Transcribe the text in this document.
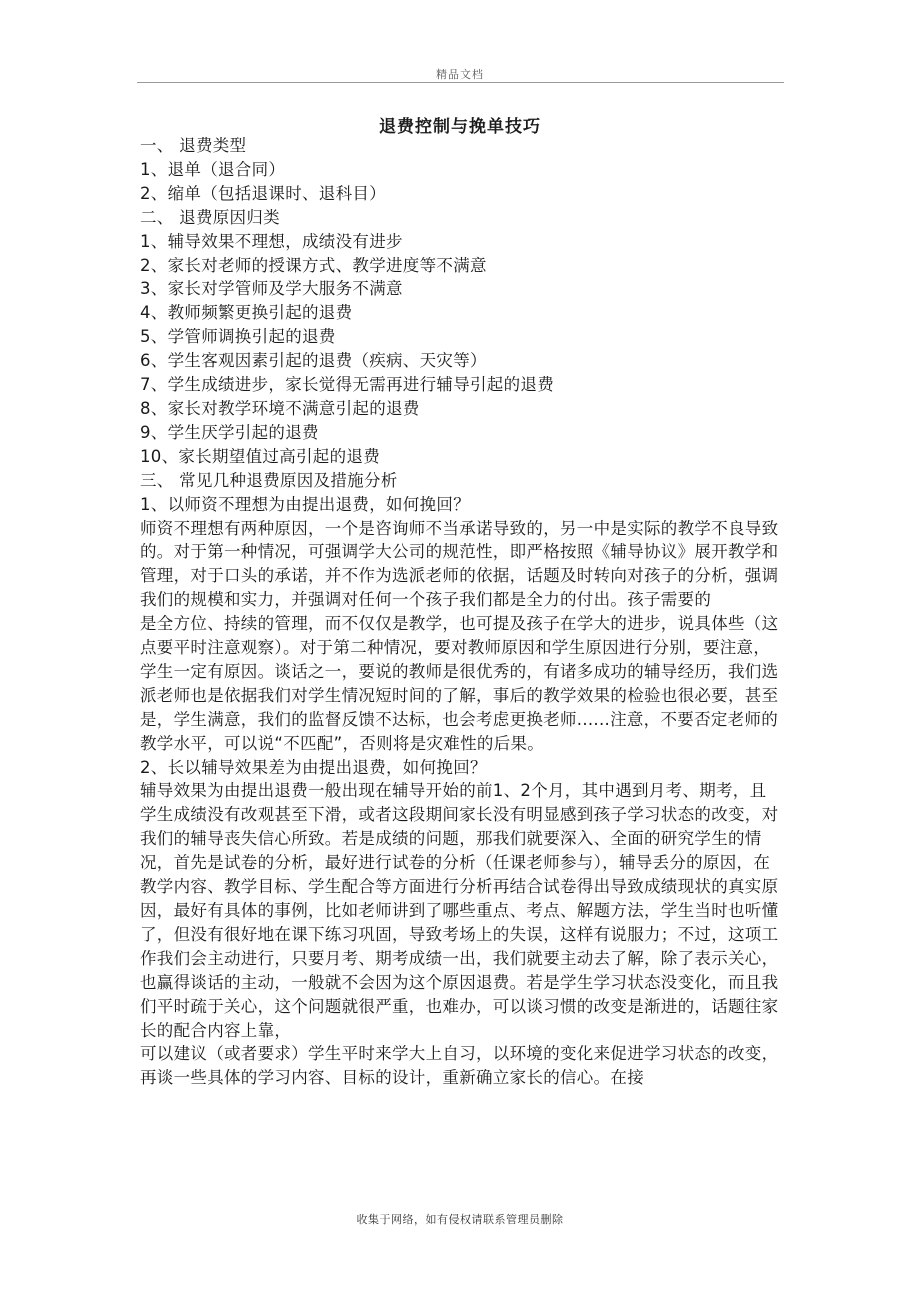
精品文档
退费控制与挽单技巧

一、 退费类型

1、退单（退合同）

2、缩单（包括退课时、退科目）

二、 退费原因归类

1、辅导效果不理想，成绩没有进步

2、家长对老师的授课方式、教学进度等不满意

3、家长对学管师及学大服务不满意

4、教师频繁更换引起的退费

5、学管师调换引起的退费

6、学生客观因素引起的退费（疾病、天灾等）

7、学生成绩进步，家长觉得无需再进行辅导引起的退费

8、家长对教学环境不满意引起的退费

9、学生厌学引起的退费

10、家长期望值过高引起的退费

三、 常见几种退费原因及措施分析

1、以师资不理想为由提出退费，如何挽回？

师资不理想有两种原因，一个是咨询师不当承诺导致的，另一中是实际的教学不良导致的。对于第一种情况，可强调学大公司的规范性，即严格按照《辅导协议》展开教学和管理，对于口头的承诺，并不作为选派老师的依据，话题及时转向对孩子的分析，强调我们的规模和实力，并强调对任何一个孩子我们都是全力的付出。孩子需要的

是全方位、持续的管理，而不仅仅是教学，也可提及孩子在学大的进步，说具体些（这点要平时注意观察）。对于第二种情况，要对教师原因和学生原因进行分别，要注意，学生一定有原因。谈话之一，要说的教师是很优秀的，有诸多成功的辅导经历，我们选派老师也是依据我们对学生情况短时间的了解，事后的教学效果的检验也很必要，甚至是，学生满意，我们的监督反馈不达标，也会考虑更换老师......注意，不要否定老师的教学水平，可以说“不匹配”，否则将是灾难性的后果。

2、长以辅导效果差为由提出退费，如何挽回？

辅导效果为由提出退费一般出现在辅导开始的前1、2个月，其中遇到月考、期考，且学生成绩没有改观甚至下滑，或者这段期间家长没有明显感到孩子学习状态的改变，对我们的辅导丧失信心所致。若是成绩的问题，那我们就要深入、全面的研究学生的情况，首先是试卷的分析，最好进行试卷的分析（任课老师参与），辅导丢分的原因，在教学内容、教学目标、学生配合等方面进行分析再结合试卷得出导致成绩现状的真实原因，最好有具体的事例，比如老师讲到了哪些重点、考点、解题方法，学生当时也听懂了，但没有很好地在课下练习巩固，导致考场上的失误，这样有说服力；不过，这项工作我们会主动进行，只要月考、期考成绩一出，我们就要主动去了解，除了表示关心，也赢得谈话的主动，一般就不会因为这个原因退费。若是学生学习状态没变化，而且我们平时疏于关心，这个问题就很严重，也难办，可以谈习惯的改变是渐进的，话题往家长的配合内容上靠，

可以建议（或者要求）学生平时来学大上自习，以环境的变化来促进学习状态的改变，再谈一些具体的学习内容、目标的设计，重新确立家长的信心。在接

收集于网络，如有侵权请联系管理员删除
